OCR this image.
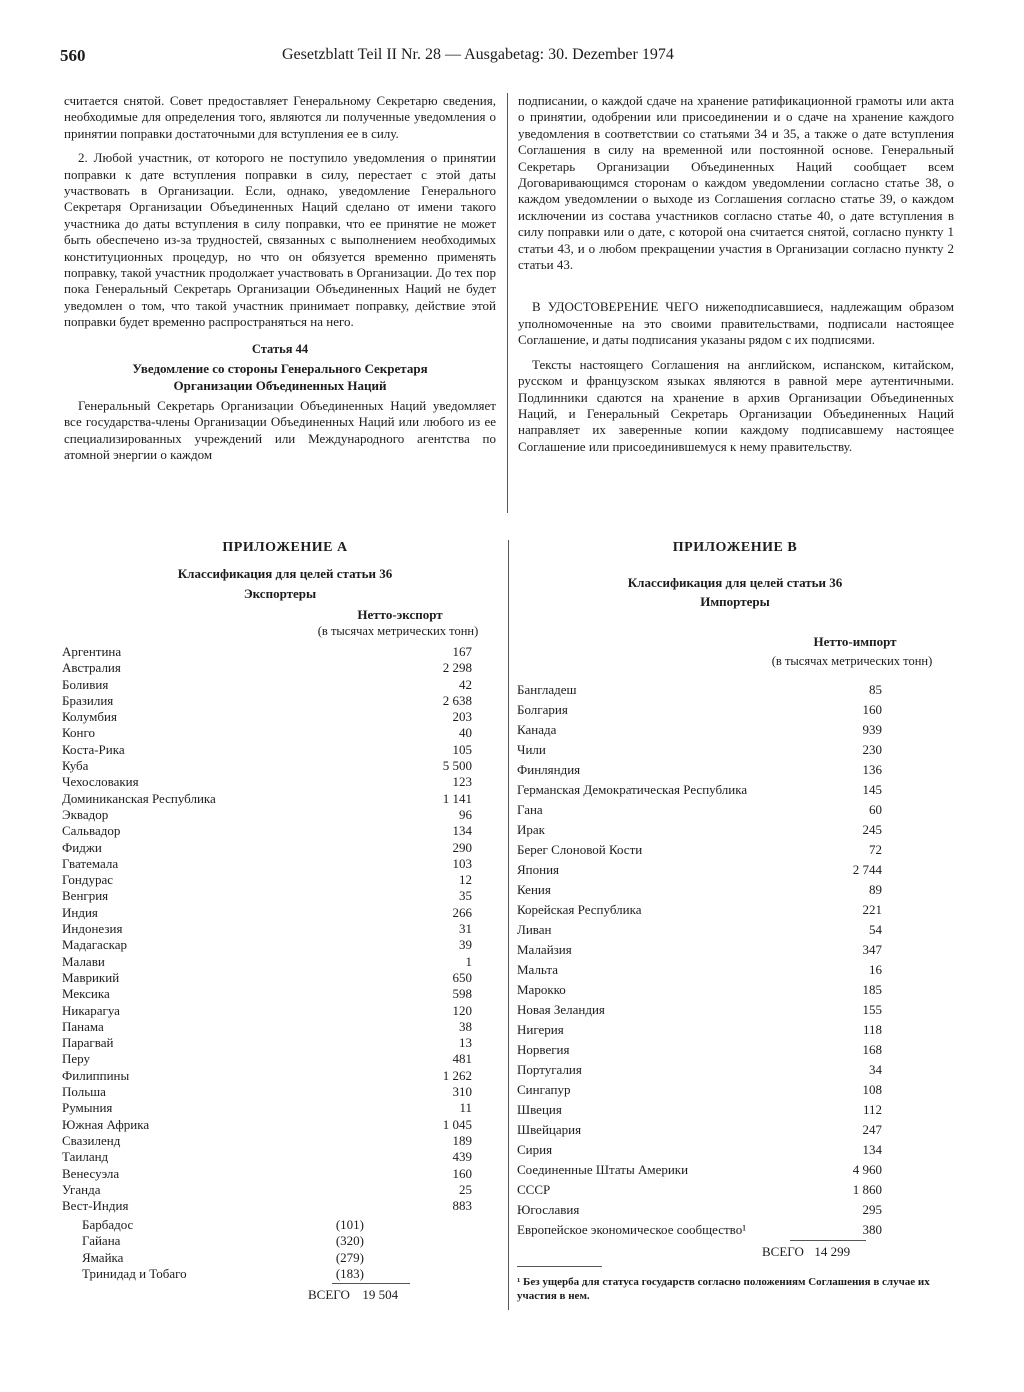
560	Gesetzblatt Teil II Nr. 28 — Ausgabetag: 30. Dezember 1974

считается снятой. Совет предоставляет Генеральному Секретарю сведения, необходимые для определения того, являются ли полученные уведомления о принятии поправки достаточными для вступления ее в силу.

2. Любой участник, от которого не поступило уведомления о принятии поправки к дате вступления поправки в силу, перестает с этой даты участвовать в Организации. Если, однако, уведомление Генерального Секретаря Организации Объединенных Наций сделано от имени такого участника до даты вступления в силу поправки, что ее принятие не может быть обеспечено из-за трудностей, связанных с выполнением необходимых конституционных процедур, но что он обязуется временно применять поправку, такой участник продолжает участвовать в Организации. До тех пор пока Генеральный Секретарь Организации Объединенных Наций не будет уведомлен о том, что такой участник принимает поправку, действие этой поправки будет временно распространяться на него.

Статья 44

Уведомление со стороны Генерального Секретаря

Организации Объединенных Наций

Генеральный Секретарь Организации Объединенных Наций уведомляет все государства-члены Организации Объединенных Наций или любого из ее специализированных учреждений или Международного агентства по атомной энергии о каждом

подписании, о каждой сдаче на хранение ратификационной грамоты или акта о принятии, одобрении или присоединении и о сдаче на хранение каждого уведомления в соответствии со статьями 34 и 35, а также о дате вступления Соглашения в силу на временной или постоянной основе. Генеральный Секретарь Организации Объединенных Наций сообщает всем Договаривающимся сторонам о каждом уведомлении согласно статье 38, о каждом уведомлении о выходе из Соглашения согласно статье 39, о каждом исключении из состава участников согласно статье 40, о дате вступления в силу поправки или о дате, с которой она считается снятой, согласно пункту 1 статьи 43, и о любом прекращении участия в Организации согласно пункту 2 статьи 43.

В УДОСТОВЕРЕНИЕ ЧЕГО нижеподписавшиеся, надлежащим образом уполномоченные на это своими правительствами, подписали настоящее Соглашение, и даты подписания указаны рядом с их подписями.

Тексты настоящего Соглашения на английском, испанском, китайском, русском и французском языках являются в равной мере аутентичными. Подлинники сдаются на хранение в архив Организации Объединенных Наций, и Генеральный Секретарь Организации Объединенных Наций направляет их заверенные копии каждому подписавшему настоящее Соглашение или присоединившемуся к нему правительству.

ПРИЛОЖЕНИЕ А
Классификация для целей статьи 36
Экспортеры
Нетто-экспорт
(в тысячах метрических тонн)
Аргентина	167
Австралия	2 298
Боливия	42
Бразилия	2 638
Колумбия	203
Конго	40
Коста-Рика	105
Куба	5 500
Чехословакия	123
Доминиканская Республика	1 141
Эквадор	96
Сальвадор	134
Фиджи	290
Гватемала	103
Гондурас	12
Венгрия	35
Индия	266
Индонезия	31
Мадагаскар	39
Малави	1
Маврикий	650
Мексика	598
Никарагуа	120
Панама	38
Парагвай	13
Перу	481
Филиппины	1 262
Польша	310
Румыния	11
Южная Африка	1 045
Свазиленд	189
Таиланд	439
Венесуэла	160
Уганда	25
Вест-Индия	883
Барбадос	(101)
Гайана	(320)
Ямайка	(279)
Тринидад и Тобаго	(183)
ВСЕГО 19 504
ПРИЛОЖЕНИЕ В
Классификация для целей статьи 36
Импортеры
Нетто-импорт
(в тысячах метрических тонн)
Бангладеш	85
Болгария	160
Канада	939
Чили	230
Финляндия	136
Германская Демократическая Республика	145
Гана	60
Ирак	245
Берег Слоновой Кости	72
Япония	2 744
Кения	89
Корейская Республика	221
Ливан	54
Малайзия	347
Мальта	16
Марокко	185
Новая Зеландия	155
Нигерия	118
Норвегия	168
Португалия	34
Сингапур	108
Швеция	112
Швейцария	247
Сирия	134
Соединенные Штаты Америки	4 960
СССР	1 860
Югославия	295
Европейское экономическое сообщество¹	380
ВСЕГО 14 299
¹ Без ущерба для статуса государств согласно положениям Соглашения в случае их участия в нем.
